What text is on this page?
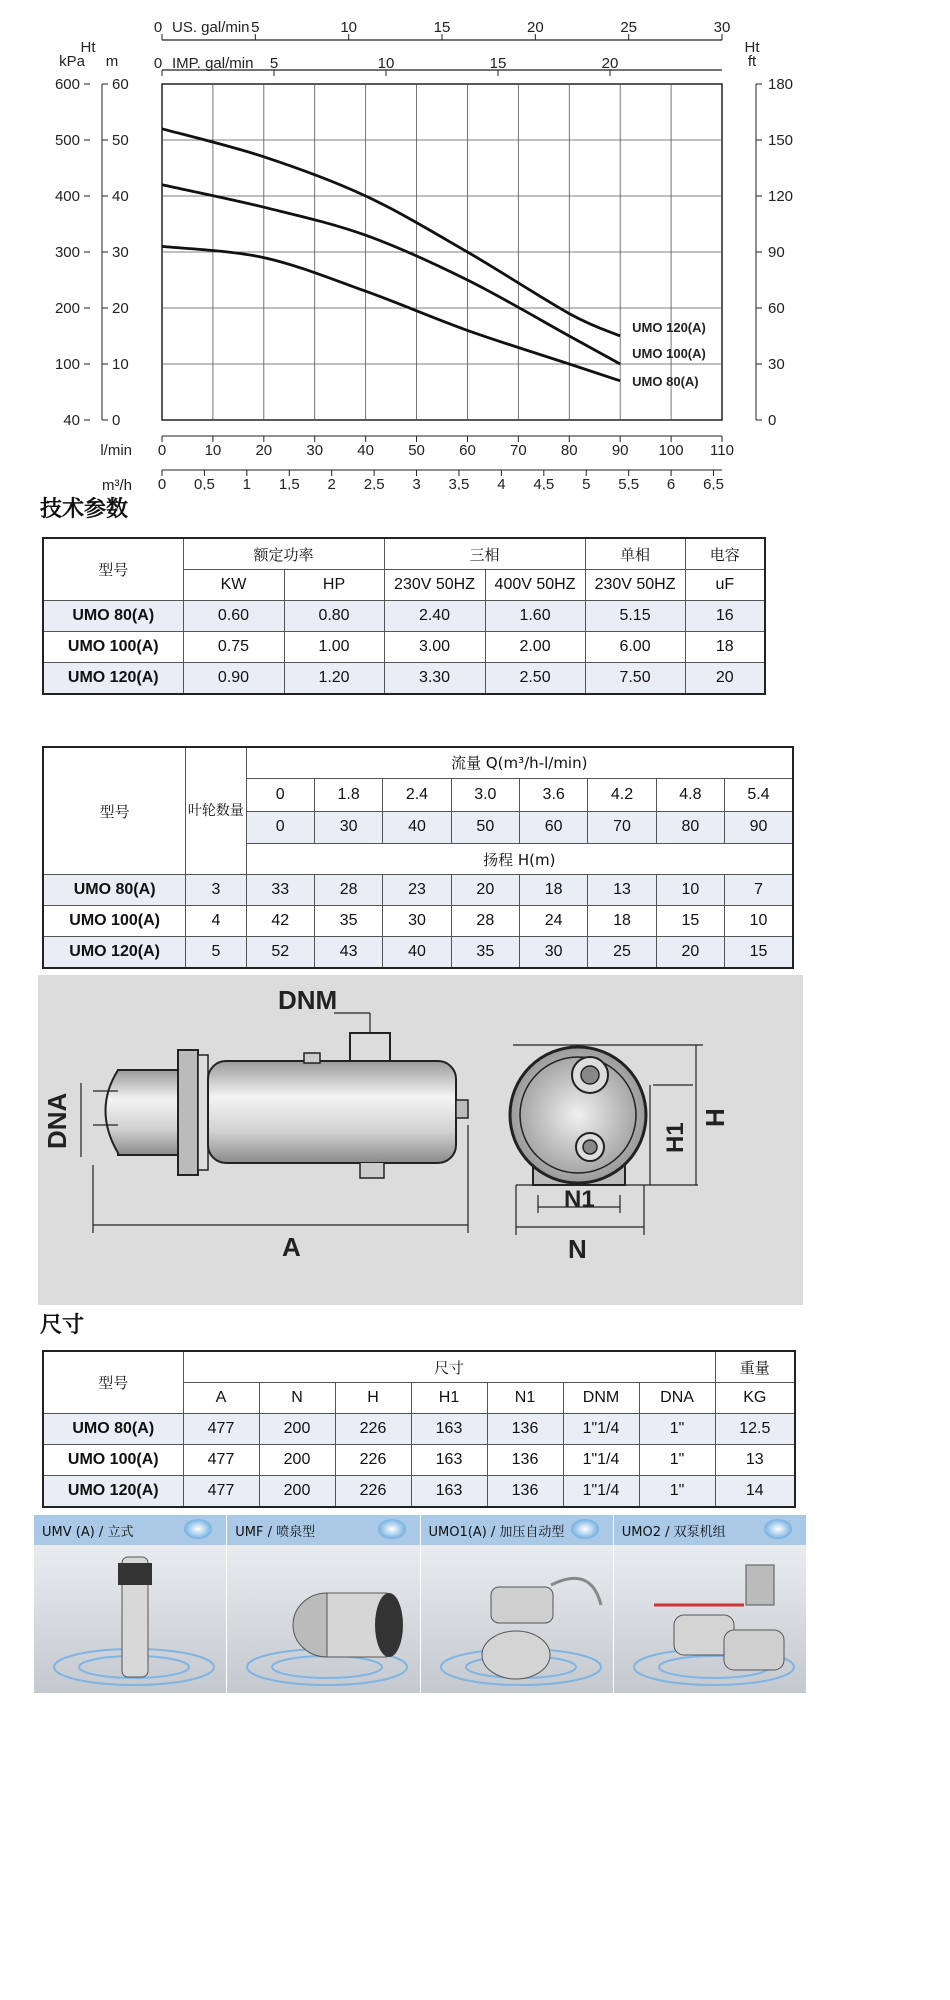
UMO 120(A)
UMO 100(A)
UMO 80(A)
5	10	15	20	25	30
0 US. gal/min
5	10	15	20
0 IMP. gal/min
Ht
kPa m
0
10
20
30
40
50
60
40
100
200
300
400
500
600
Ht
ft
0
30
60
90
120
150
180
l/min 0	10 20 30 40 50 60 70 80 90 100 110
m³/h 0 0,5 1 1,5 2 2,5 3 3,5 4 4,5 5 5,5 6 6,5
技术参数
型号	额定功率		三相		单相	电容
	KW	HP	230V 50HZ	400V 50HZ	230V 50HZ	uF
UMO 80(A)	0.60	0.80	2.40	1.60	5.15	16
UMO 100(A)	0.75	1.00	3.00	2.00	6.00	18
UMO 120(A)	0.90	1.20	3.30	2.50	7.50	20
型号	叶轮数量	流量 Q(m³/h-l/min)							
		0	1.8	2.4	3.0	3.6	4.2	4.8	5.4
		0	30	40	50	60	70	80	90
		扬程 H(m)							
UMO 80(A)	3	33	28	23	20	18	13	10	7
UMO 100(A)	4	42	35	30	28	24	18	15	10
UMO 120(A)	5	52	43	40	35	30	25	20	15
DNM
DNA
A
N1
N
H1
H
尺寸
型号	尺寸							重量
	A	N	H	H1	N1	DNM	DNA	KG
UMO 80(A)	477	200	226	163	136	1"1/4	1"	12.5
UMO 100(A)	477	200	226	163	136	1"1/4	1"	13
UMO 120(A)	477	200	226	163	136	1"1/4	1"	14
UMV (A) / 立式	UMF / 喷泉型	UMO1(A) / 加压自动型	UMO2 / 双泵机组
